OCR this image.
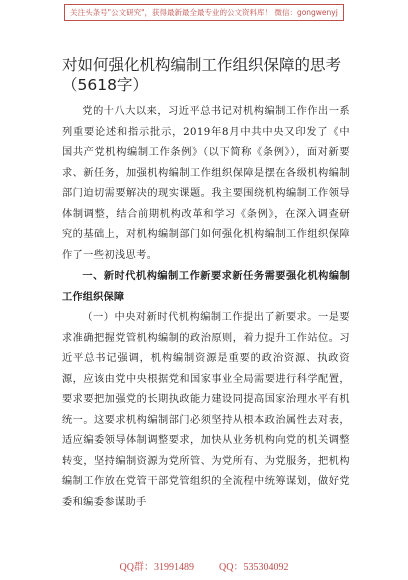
关注头条号"公文研究"，获得最新最全最专业的公文资料库！ 微信：gongwenyj
对如何强化机构编制工作组织保障的思考（5618字）

党的十八大以来，习近平总书记对机构编制工作作出一系列重要论述和指示批示，2019年8月中共中央又印发了《中国共产党机构编制工作条例》（以下简称《条例》），面对新要求、新任务，加强机构编制工作组织保障是摆在各级机构编制部门迫切需要解决的现实课题。我主要围绕机构编制工作领导体制调整，结合前期机构改革和学习《条例》，在深入调查研究的基础上，对机构编制部门如何强化机构编制工作组织保障作了一些初浅思考。

一、新时代机构编制工作新要求新任务需要强化机构编制工作组织保障

（一）中央对新时代机构编制工作提出了新要求。一是要求准确把握党管机构编制的政治原则，着力提升工作站位。习近平总书记强调，机构编制资源是重要的政治资源、执政资源，应该由党中央根据党和国家事业全局需要进行科学配置，要求要把加强党的长期执政能力建设同提高国家治理水平有机统一。这要求机构编制部门必须坚持从根本政治属性去对表，适应编委领导体制调整要求，加快从业务机构向党的机关调整转变，坚持编制资源为党所管、为党所有、为党服务，把机构编制工作放在党管干部党管组织的全流程中统筹谋划，做好党委和编委参谋助手

QQ群：31991489	QQ：535304092
